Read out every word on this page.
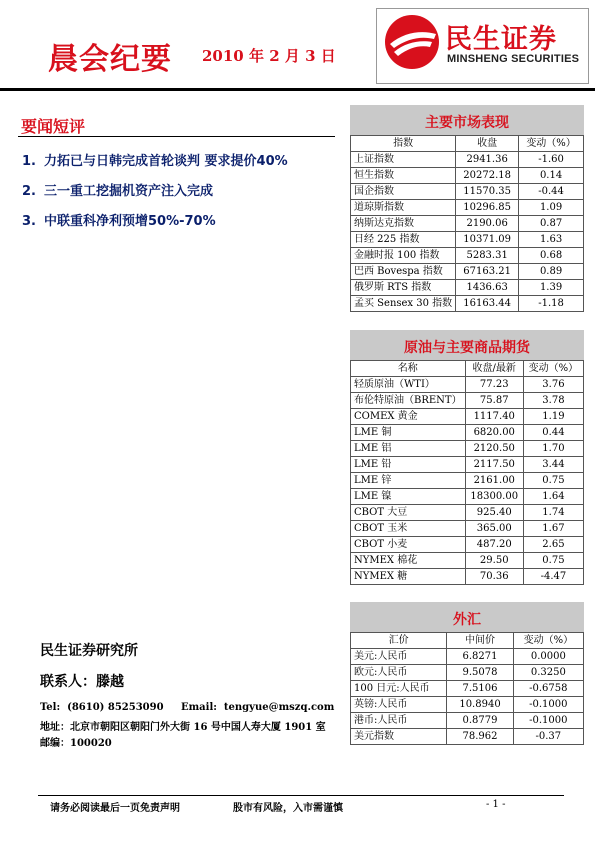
晨会纪要 2010 年 2 月 3 日
民生证券
MINSHENG SECURITIES
要闻短评
1. 力拓已与日韩完成首轮谈判 要求提价40%
2. 三一重工挖掘机资产注入完成
3. 中联重科净利预增50%-70%
民生证券研究所
联系人：滕越
Tel:  (8610) 85253090     Email:  tengyue@mszq.com
地址：北京市朝阳区朝阳门外大街 16 号中国人寿大厦 1901 室
邮编：100020
请务必阅读最后一页免责声明	股市有风险，入市需谨慎	- 1 -
主要市场表现
指数	收盘	变动（%）
上证指数	2941.36	-1.60
恒生指数	20272.18	0.14
国企指数	11570.35	-0.44
道琼斯指数	10296.85	1.09
纳斯达克指数	2190.06	0.87
日经 225 指数	10371.09	1.63
金融时报 100 指数	5283.31	0.68
巴西 Bovespa 指数	67163.21	0.89
俄罗斯 RTS 指数	1436.63	1.39
孟买 Sensex 30 指数	16163.44	-1.18
原油与主要商品期货
名称	收盘/最新	变动（%）
轻质原油（WTI）	77.23	3.76
布伦特原油（BRENT）	75.87	3.78
COMEX 黄金	1117.40	1.19
LME 铜	6820.00	0.44
LME 铝	2120.50	1.70
LME 铅	2117.50	3.44
LME 锌	2161.00	0.75
LME 镍	18300.00	1.64
CBOT 大豆	925.40	1.74
CBOT 玉米	365.00	1.67
CBOT 小麦	487.20	2.65
NYMEX 棉花	29.50	0.75
NYMEX 糖	70.36	-4.47
外汇
汇价	中间价	变动（%）
美元:人民币	6.8271	0.0000
欧元:人民币	9.5078	0.3250
100 日元:人民币	7.5106	-0.6758
英镑:人民币	10.8940	-0.1000
港币:人民币	0.8779	-0.1000
美元指数	78.962	-0.37
